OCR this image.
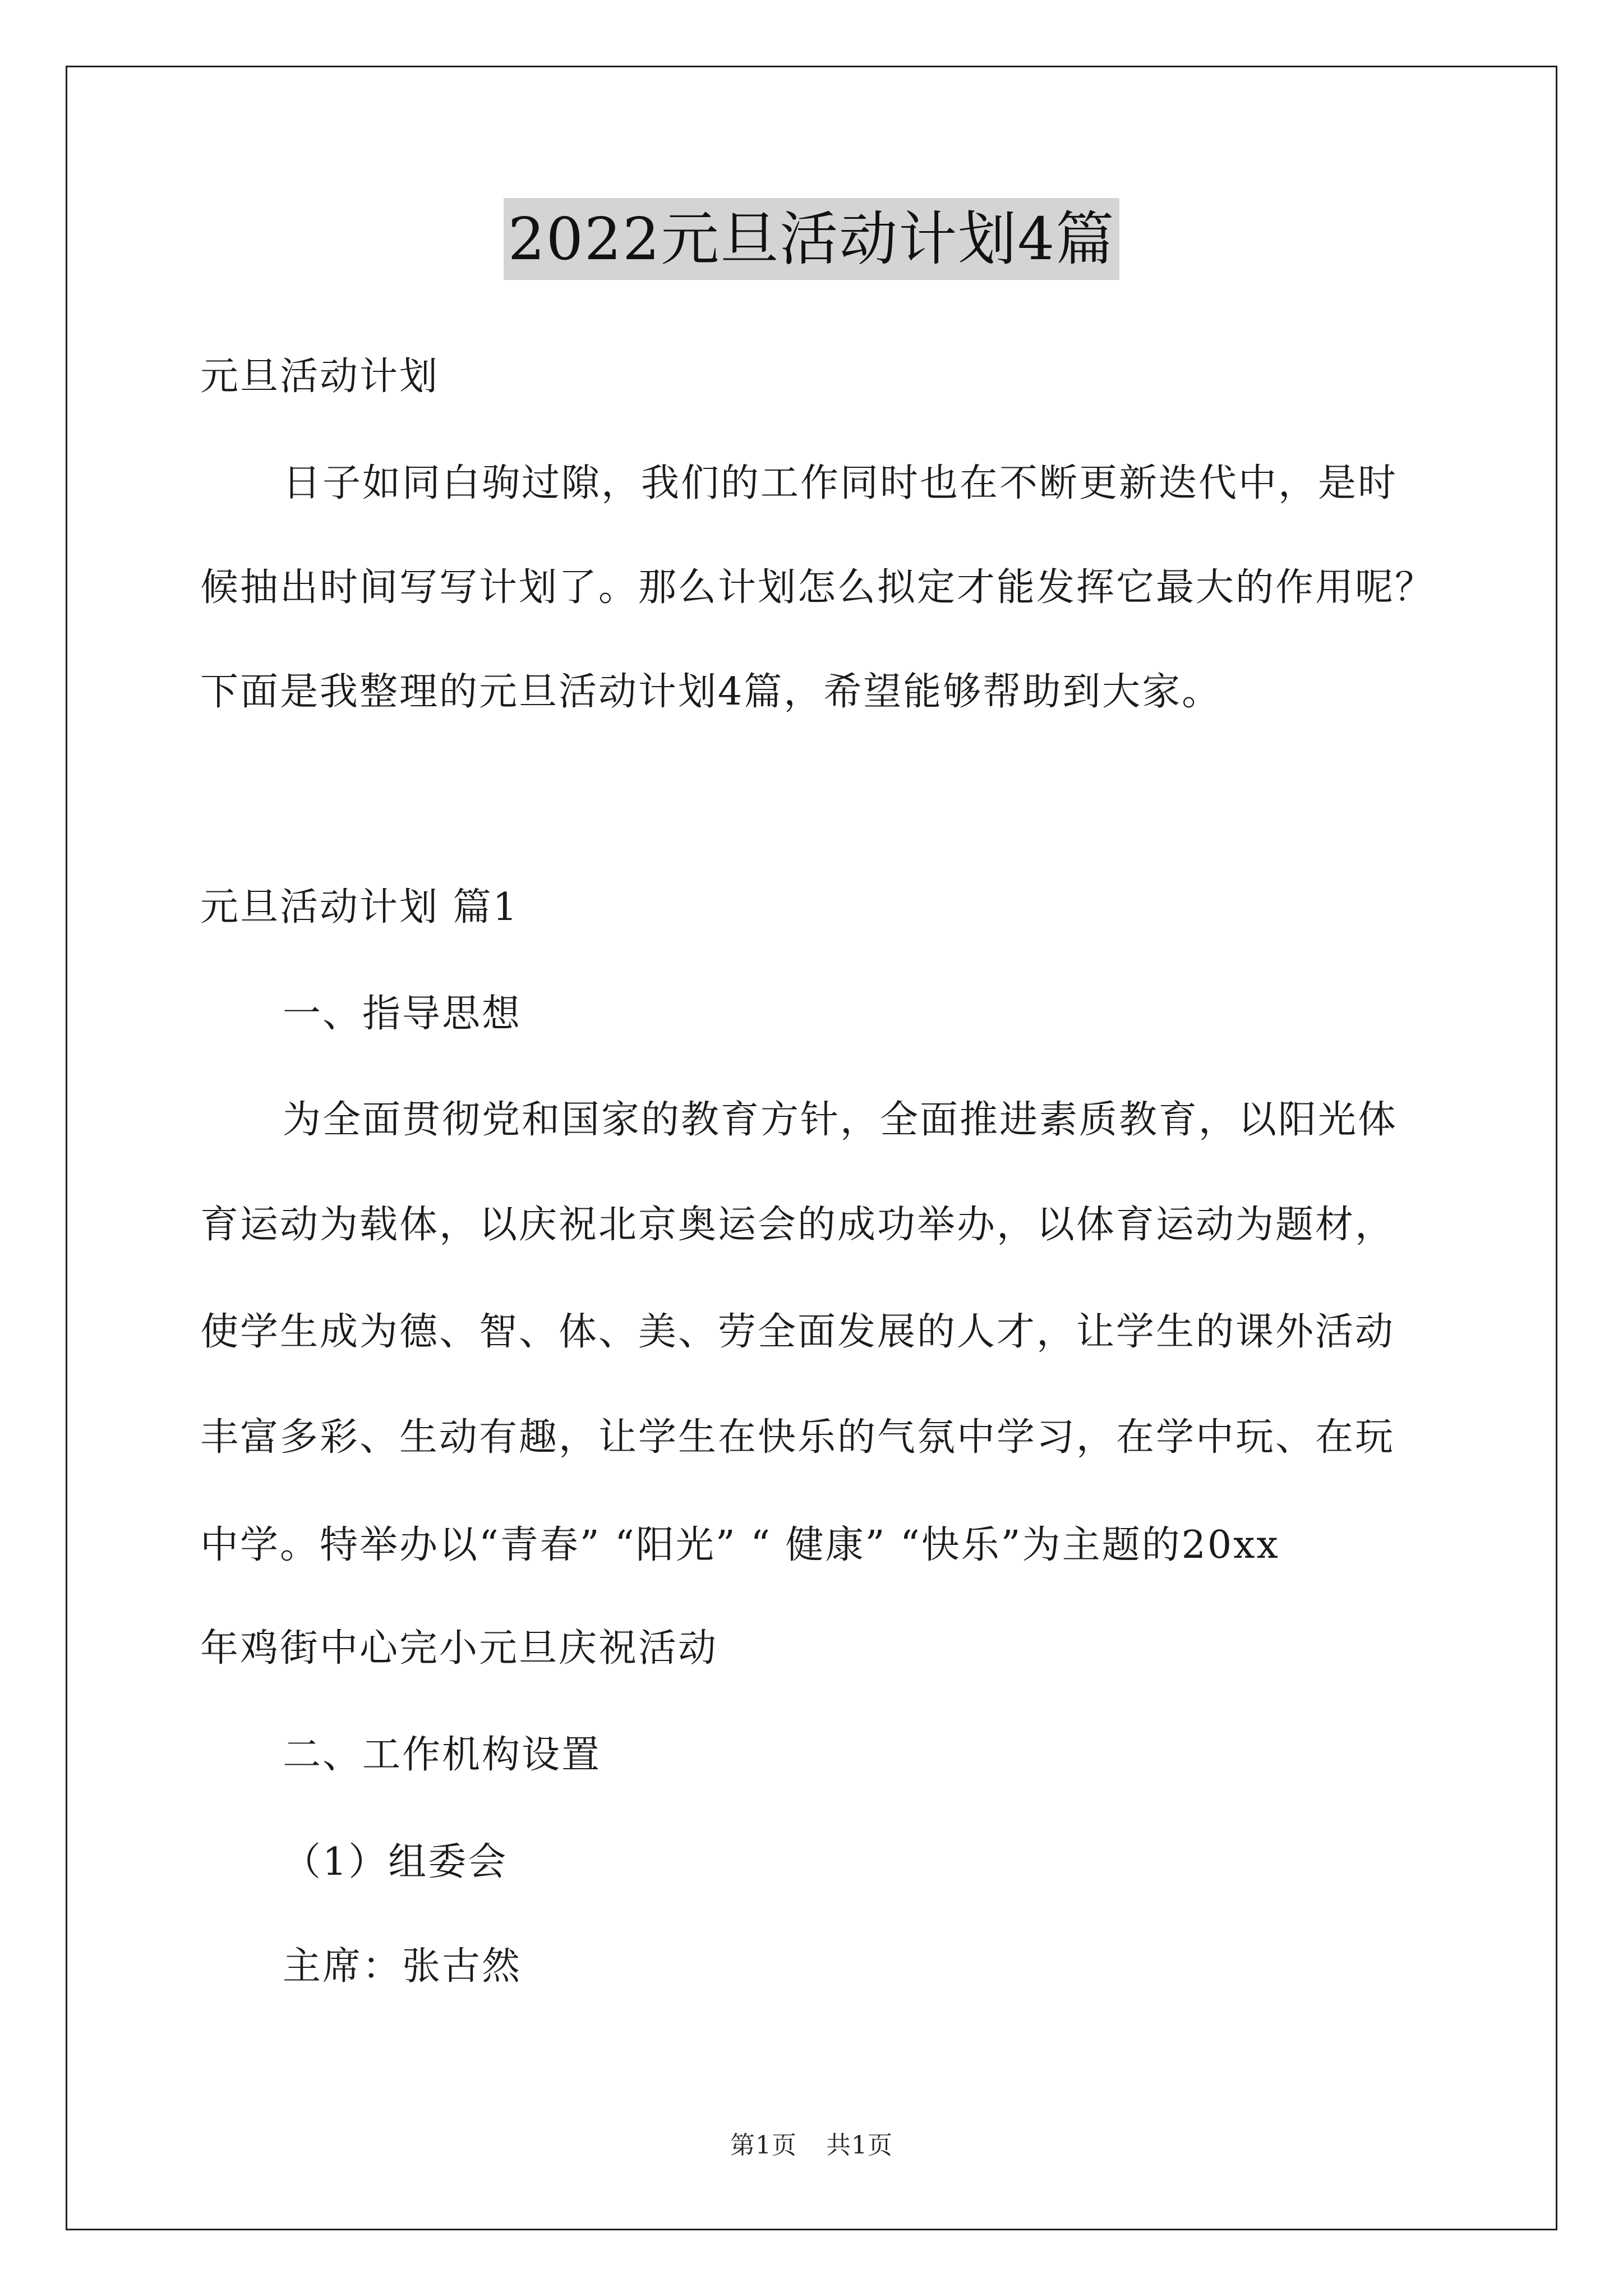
2022元旦活动计划4篇
元旦活动计划
日子如同白驹过隙，我们的工作同时也在不断更新迭代中，是时
候抽出时间写写计划了。那么计划怎么拟定才能发挥它最大的作用呢？
下面是我整理的元旦活动计划4篇，希望能够帮助到大家。
元旦活动计划 篇1
一、指导思想
为全面贯彻党和国家的教育方针，全面推进素质教育，以阳光体
育运动为载体，以庆祝北京奥运会的成功举办，以体育运动为题材，
使学生成为德、智、体、美、劳全面发展的人才，让学生的课外活动
丰富多彩、生动有趣，让学生在快乐的气氛中学习，在学中玩、在玩
中学。特举办以“青春” “阳光” “ 健康” “快乐”为主题的20xx
年鸡街中心完小元旦庆祝活动
二、工作机构设置
（1）组委会
主席：张古然
第1页 共1页
